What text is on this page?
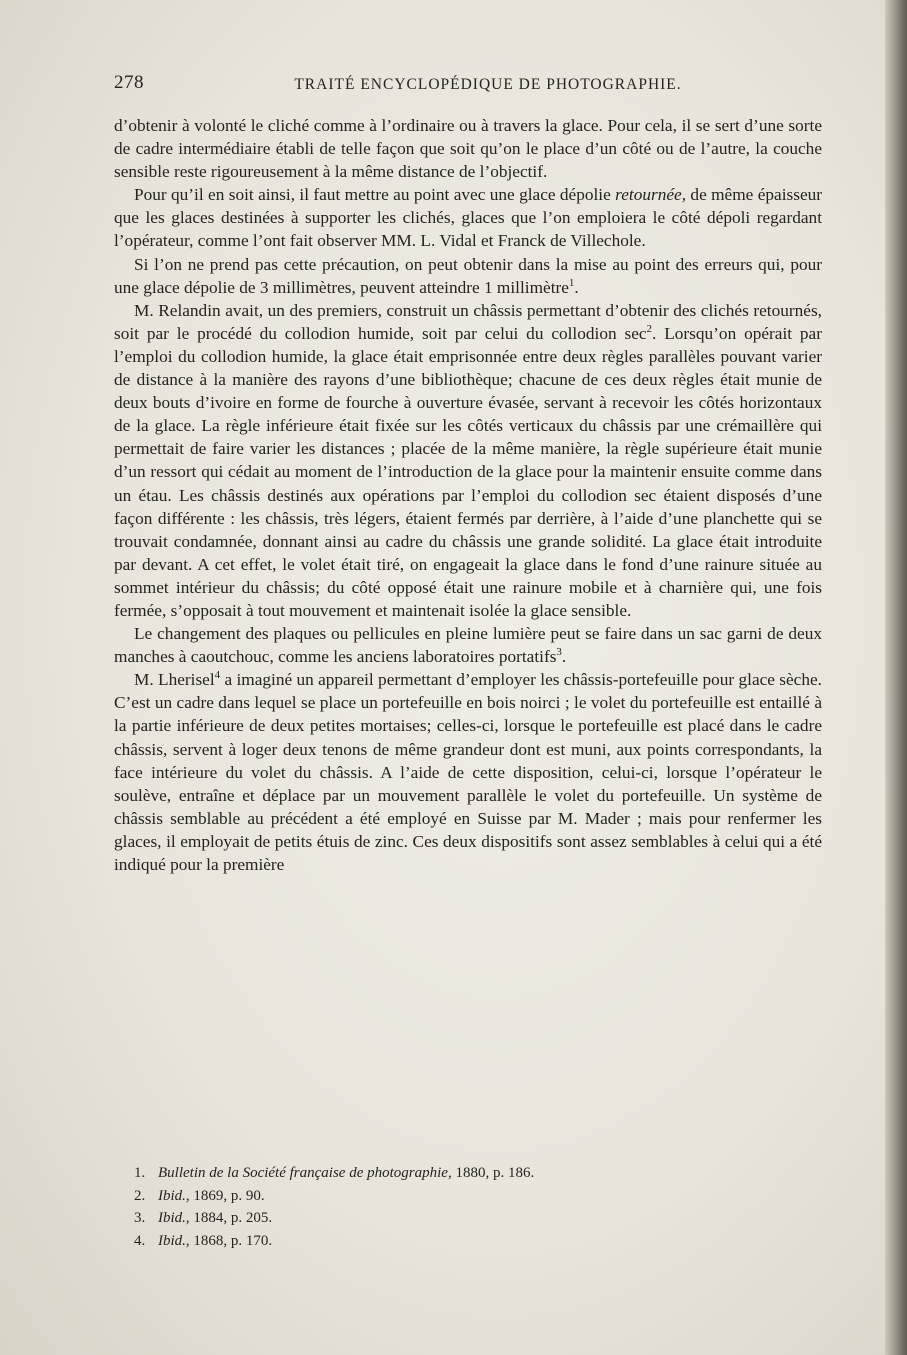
278	TRAITÉ ENCYCLOPÉDIQUE DE PHOTOGRAPHIE.

d’obtenir à volonté le cliché comme à l’ordinaire ou à travers la glace. Pour cela, il se sert d’une sorte de cadre intermédiaire établi de telle façon que soit qu’on le place d’un côté ou de l’autre, la couche sensible reste rigoureusement à la même distance de l’objectif.

Pour qu’il en soit ainsi, il faut mettre au point avec une glace dépolie retournée, de même épaisseur que les glaces destinées à supporter les clichés, glaces que l’on emploiera le côté dépoli regardant l’opérateur, comme l’ont fait observer MM. L. Vidal et Franck de Villechole.

Si l’on ne prend pas cette précaution, on peut obtenir dans la mise au point des erreurs qui, pour une glace dépolie de 3 millimètres, peuvent atteindre 1 millimètre$^1$.

M. Relandin avait, un des premiers, construit un châssis permettant d’obtenir des clichés retournés, soit par le procédé du collodion humide, soit par celui du collodion $\sec^2$. Lorsqu’on opérait par l’emploi du collodion humide, la glace était emprisonnée entre deux règles parallèles pouvant varier de distance à la manière des rayons d’une bibliothèque; chacune de ces deux règles était munie de deux bouts d’ivoire en forme de fourche à ouverture évasée, servant à recevoir les côtés horizontaux de la glace. La règle inférieure était fixée sur les côtés verticaux du châssis par une crémaillère qui permettait de faire varier les distances ; placée de la même manière, la règle supérieure était munie d’un ressort qui cédait au moment de l’introduction de la glace pour la maintenir ensuite comme dans un étau. Les châssis destinés aux opérations par l’emploi du collodion sec étaient disposés d’une façon différente : les châssis, très légers, étaient fermés par derrière, à l’aide d’une planchette qui se trouvait condamnée, donnant ainsi au cadre du châssis une grande solidité. La glace était introduite par devant. A cet effet, le volet était tiré, on engageait la glace dans le fond d’une rainure située au sommet intérieur du châssis; du côté opposé était une rainure mobile et à charnière qui, une fois fermée, s’opposait à tout mouvement et maintenait isolée la glace sensible.

Le changement des plaques ou pellicules en pleine lumière peut se faire dans un sac garni de deux manches à caoutchouc, comme les anciens laboratoires portatifs$^3$.

M. Lherisel$^4$ a imaginé un appareil permettant d’employer les châssis-portefeuille pour glace sèche. C’est un cadre dans lequel se place un portefeuille en bois noirci ; le volet du portefeuille est entaillé à la partie inférieure de deux petites mortaises; celles-ci, lorsque le portefeuille est placé dans le cadre châssis, servent à loger deux tenons de même grandeur dont est muni, aux points correspondants, la face intérieure du volet du châssis. A l’aide de cette disposition, celui-ci, lorsque l’opérateur le soulève, entraîne et déplace par un mouvement parallèle le volet du portefeuille. Un système de châssis semblable au précédent a été employé en Suisse par M. Mader ; mais pour renfermer les glaces, il employait de petits étuis de zinc. Ces deux dispositifs sont assez semblables à celui qui a été indiqué pour la première

1. Bulletin de la Société française de photographie, 1880, p. 186.
2. Ibid., 1869, p. 90.
3. Ibid., 1884, p. 205.
4. Ibid., 1868, p. 170.
